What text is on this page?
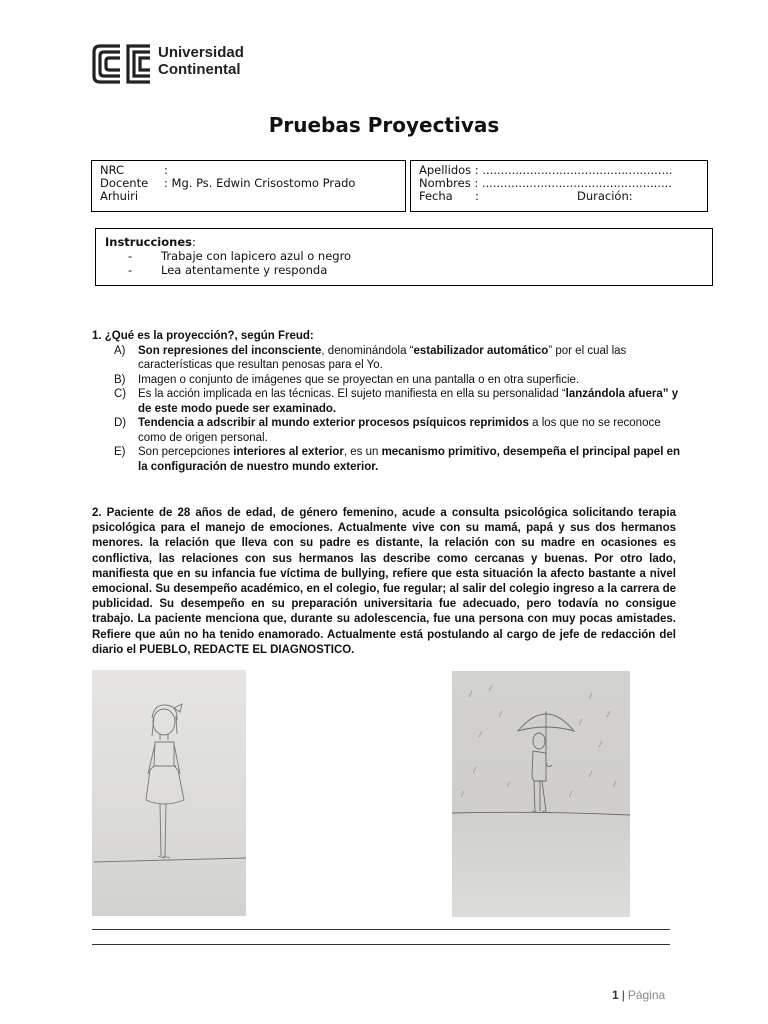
Universidad
Continental
Pruebas Proyectivas
NRC	:
Docente : Mg. Ps. Edwin Crisostomo Prado
Arhuiri
Apellidos : ....................................................
Nombres : ....................................................
Fecha :	Duración:
Instrucciones:
-	Trabaje con lapicero azul o negro
-	Lea atentamente y responda
1. ¿Qué es la proyección?, según Freud:
A) Son represiones del inconsciente, denominándola “estabilizador automático” por el cual las características que resultan penosas para el Yo.
B) Imagen o conjunto de imágenes que se proyectan en una pantalla o en otra superficie.
C) Es la acción implicada en las técnicas. El sujeto manifiesta en ella su personalidad “lanzándola afuera” y de este modo puede ser examinado.
D) Tendencia a adscribir al mundo exterior procesos psíquicos reprimidos a los que no se reconoce como de origen personal.
E) Son percepciones interiores al exterior, es un mecanismo primitivo, desempeña el principal papel en la configuración de nuestro mundo exterior.
2. Paciente de 28 años de edad, de género femenino, acude a consulta psicológica solicitando terapia psicológica para el manejo de emociones. Actualmente vive con su mamá, papá y sus dos hermanos menores. la relación que lleva con su padre es distante, la relación con su madre en ocasiones es conflictiva, las relaciones con sus hermanos las describe como cercanas y buenas. Por otro lado, manifiesta que en su infancia fue víctima de bullying, refiere que esta situación la afecto bastante a nivel emocional. Su desempeño académico, en el colegio, fue regular; al salir del colegio ingreso a la carrera de publicidad. Su desempeño en su preparación universitaria fue adecuado, pero todavía no consigue trabajo. La paciente menciona que, durante su adolescencia, fue una persona con muy pocas amistades. Refiere que aún no ha tenido enamorado. Actualmente está postulando al cargo de jefe de redacción del diario el PUEBLO, REDACTE EL DIAGNOSTICO.
1 | Página
